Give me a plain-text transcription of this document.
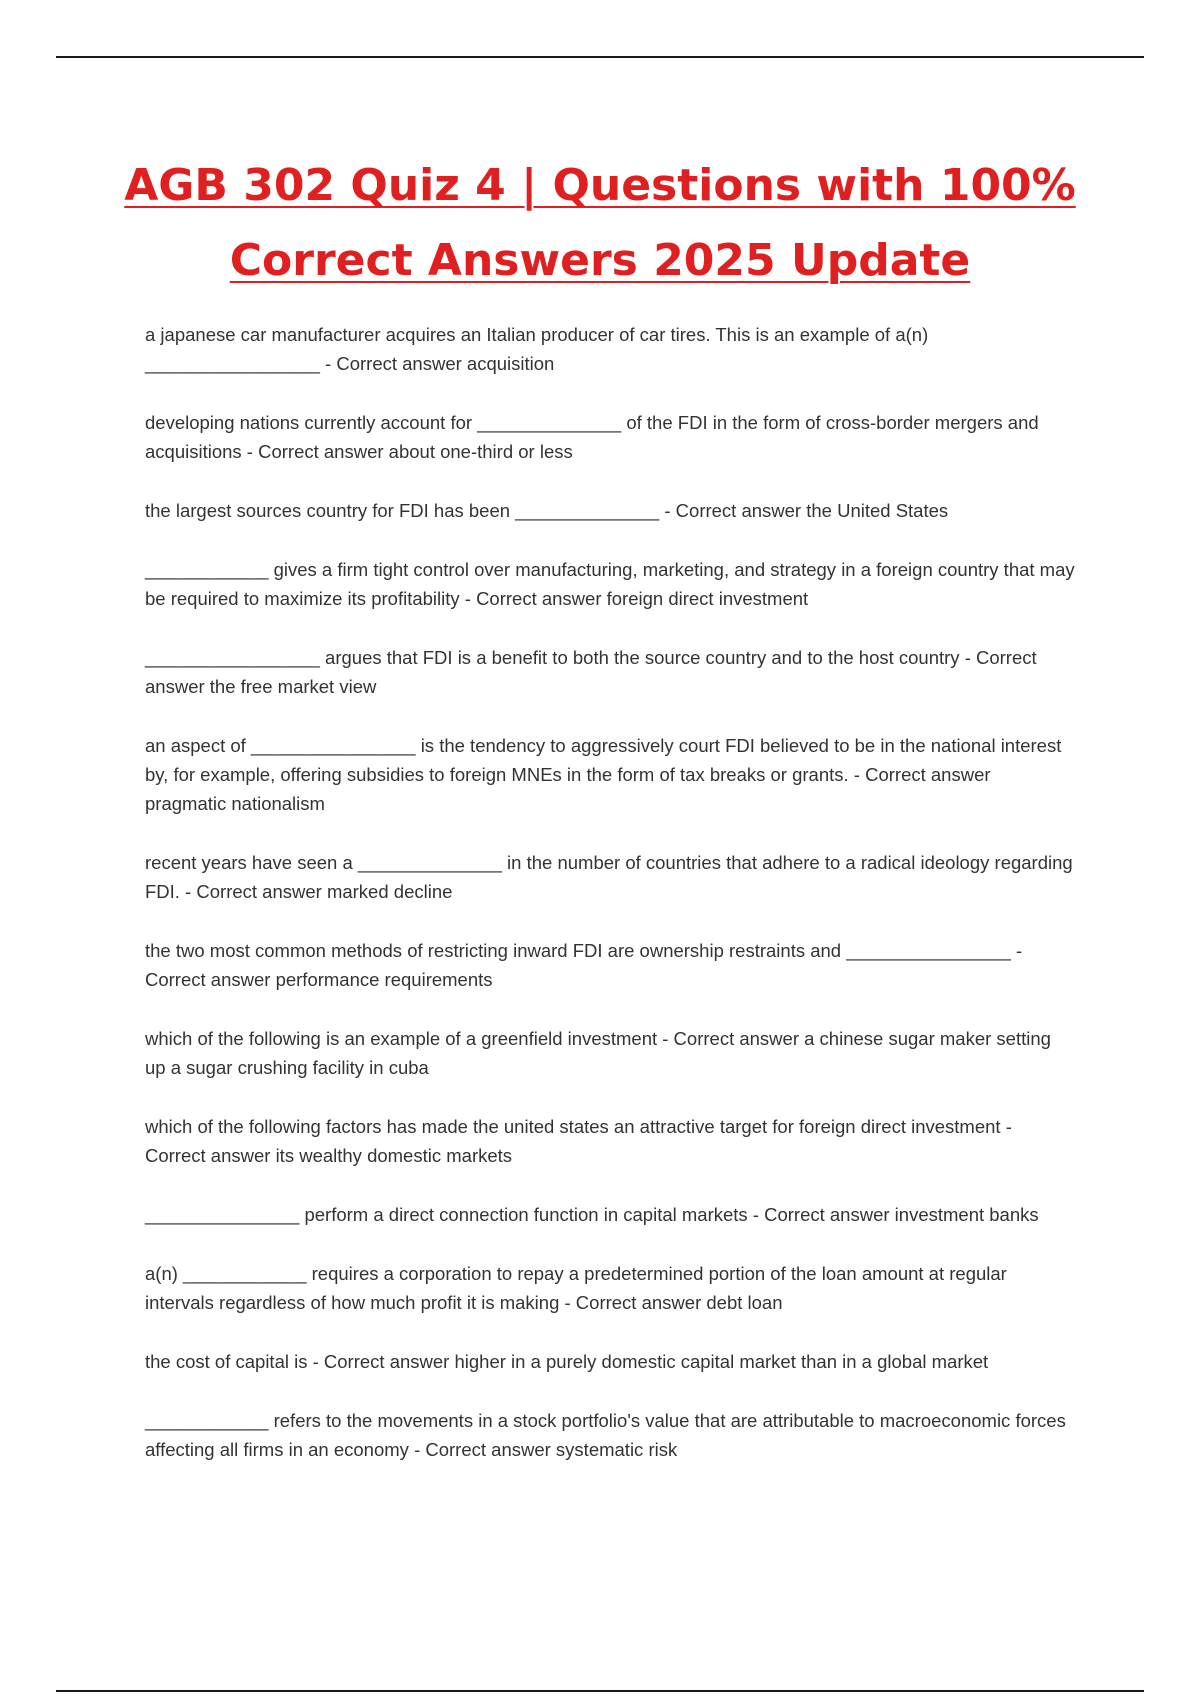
AGB 302 Quiz 4 | Questions with 100%
Correct Answers 2025 Update
a japanese car manufacturer acquires an Italian producer of car tires. This is an example of a(n) _________________ - Correct answer acquisition
developing nations currently account for ______________ of the FDI in the form of cross-border mergers and acquisitions - Correct answer about one-third or less
the largest sources country for FDI has been ______________ - Correct answer the United States
____________ gives a firm tight control over manufacturing, marketing, and strategy in a foreign country that may be required to maximize its profitability - Correct answer foreign direct investment
_________________ argues that FDI is a benefit to both the source country and to the host country - Correct answer the free market view
an aspect of ________________ is the tendency to aggressively court FDI believed to be in the national interest by, for example, offering subsidies to foreign MNEs in the form of tax breaks or grants. - Correct answer pragmatic nationalism
recent years have seen a ______________ in the number of countries that adhere to a radical ideology regarding FDI. - Correct answer marked decline
the two most common methods of restricting inward FDI are ownership restraints and ________________ - Correct answer performance requirements
which of the following is an example of a greenfield investment - Correct answer a chinese sugar maker setting up a sugar crushing facility in cuba
which of the following factors has made the united states an attractive target for foreign direct investment - Correct answer its wealthy domestic markets
_______________ perform a direct connection function in capital markets - Correct answer investment banks
a(n) ____________ requires a corporation to repay a predetermined portion of the loan amount at regular intervals regardless of how much profit it is making - Correct answer debt loan
the cost of capital is - Correct answer higher in a purely domestic capital market than in a global market
____________ refers to the movements in a stock portfolio's value that are attributable to macroeconomic forces affecting all firms in an economy - Correct answer systematic risk
